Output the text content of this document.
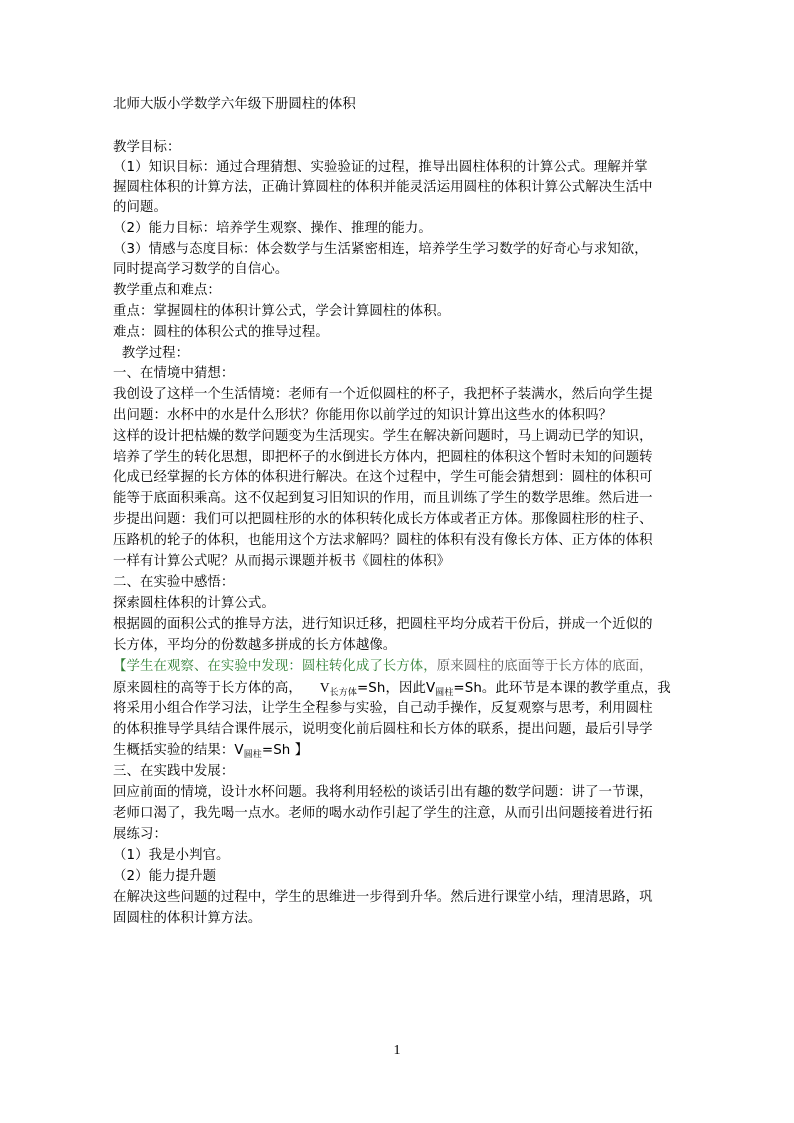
北师大版小学数学六年级下册圆柱的体积
教学目标：
（1）知识目标：通过合理猜想、实验验证的过程，推导出圆柱体积的计算公式。理解并掌
握圆柱体积的计算方法，正确计算圆柱的体积并能灵活运用圆柱的体积计算公式解决生活中
的问题。
（2）能力目标：培养学生观察、操作、推理的能力。
（3）情感与态度目标：体会数学与生活紧密相连，培养学生学习数学的好奇心与求知欲，
同时提高学习数学的自信心。
教学重点和难点：
重点：掌握圆柱的体积计算公式，学会计算圆柱的体积。
难点：圆柱的体积公式的推导过程。
教学过程：
一、在情境中猜想：
我创设了这样一个生活情境：老师有一个近似圆柱的杯子，我把杯子装满水，然后向学生提
出问题：水杯中的水是什么形状？你能用你以前学过的知识计算出这些水的体积吗？
这样的设计把枯燥的数学问题变为生活现实。学生在解决新问题时，马上调动已学的知识，
培养了学生的转化思想，即把杯子的水倒进长方体内，把圆柱的体积这个暂时未知的问题转
化成已经掌握的长方体的体积进行解决。在这个过程中，学生可能会猜想到：圆柱的体积可
能等于底面积乘高。这不仅起到复习旧知识的作用，而且训练了学生的数学思维。然后进一
步提出问题：我们可以把圆柱形的水的体积转化成长方体或者正方体。那像圆柱形的柱子、
压路机的轮子的体积，也能用这个方法求解吗？圆柱的体积有没有像长方体、正方体的体积
一样有计算公式呢？从而揭示课题并板书《圆柱的体积》
二、在实验中感悟：
探索圆柱体积的计算公式。
根据圆的面积公式的推导方法，进行知识迁移，把圆柱平均分成若干份后，拼成一个近似的
长方体，平均分的份数越多拼成的长方体越像。
【学生在观察、在实验中发现：圆柱转化成了长方体，原来圆柱的底面等于长方体的底面，
原来圆柱的高等于长方体的高， $V_{长方体}=Sh$，因此$V_{圆柱}=Sh$。此环节是本课的教学重点，我
将采用小组合作学习法，让学生全程参与实验，自己动手操作，反复观察与思考，利用圆柱
的体积推导学具结合课件展示，说明变化前后圆柱和长方体的联系，提出问题，最后引导学
生概括实验的结果：$V_{圆柱}=Sh$ 】
三、在实践中发展：
回应前面的情境，设计水杯问题。我将利用轻松的谈话引出有趣的数学问题：讲了一节课，
老师口渴了，我先喝一点水。老师的喝水动作引起了学生的注意，从而引出问题接着进行拓
展练习：
（1）我是小判官。
（2）能力提升题
在解决这些问题的过程中，学生的思维进一步得到升华。然后进行课堂小结，理清思路，巩
固圆柱的体积计算方法。
1
